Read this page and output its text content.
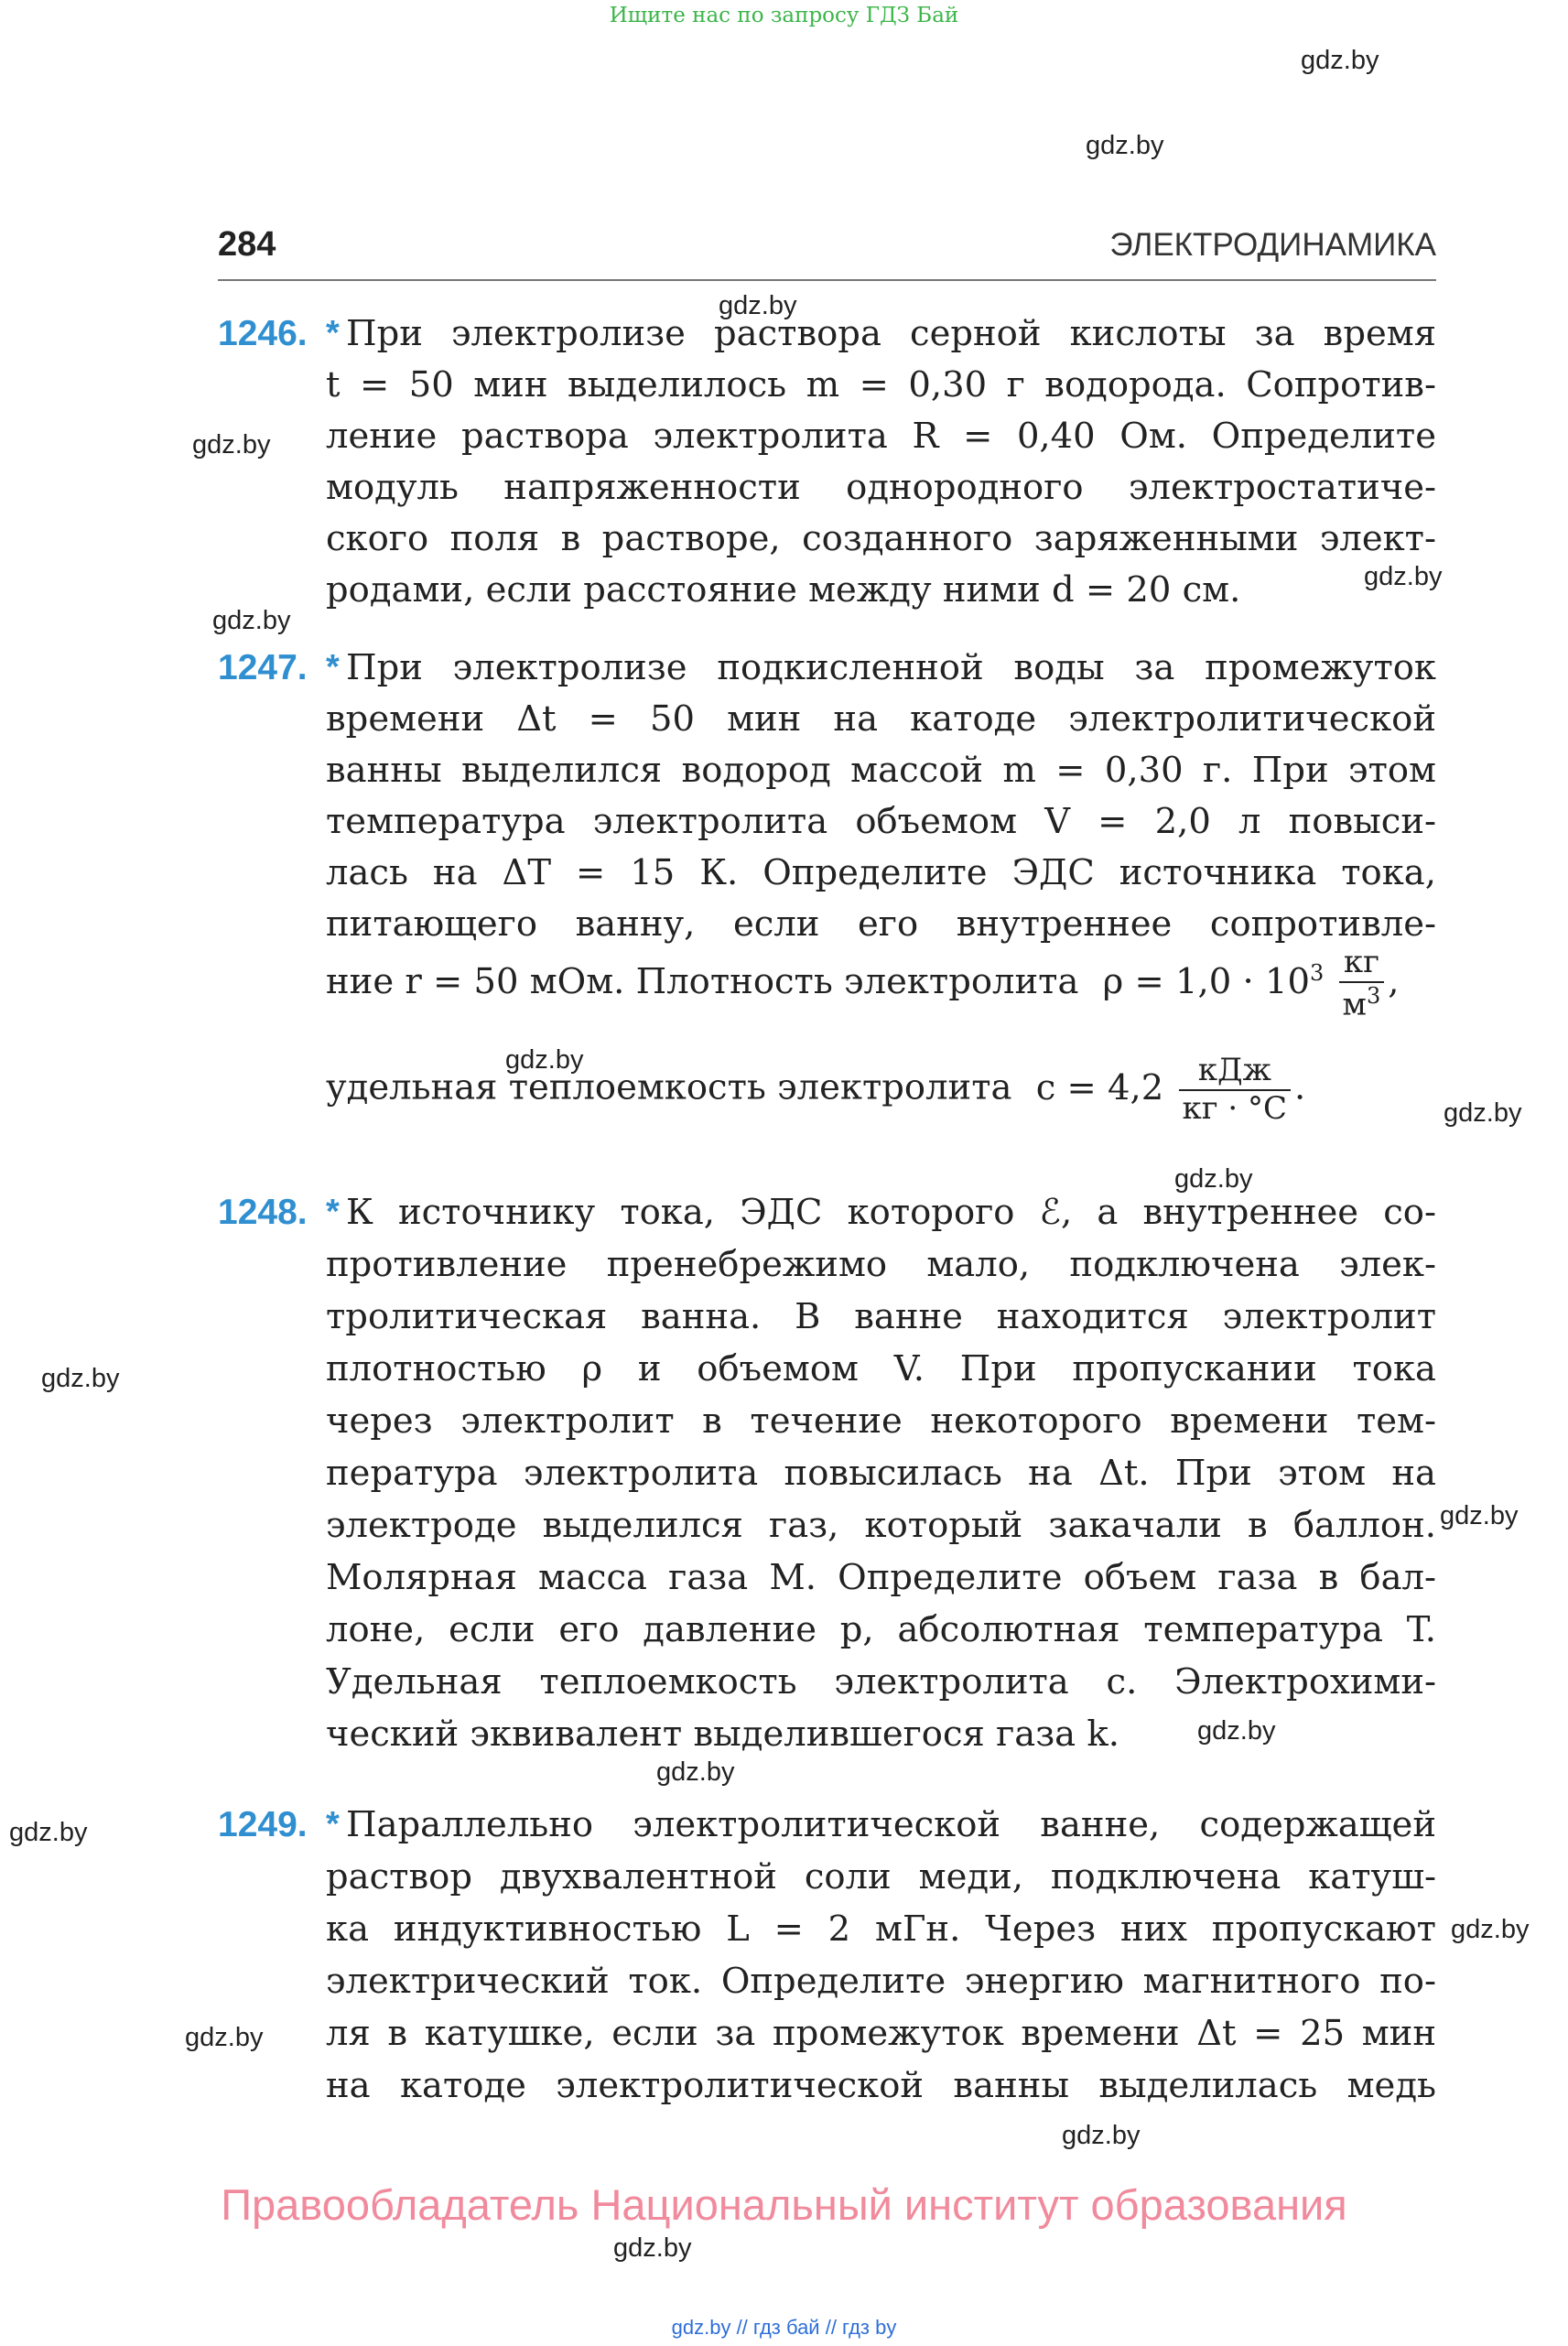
Ищите нас по запросу ГДЗ Бай
gdz.by
gdz.by
gdz.by
gdz.by
gdz.by
gdz.by
gdz.by
gdz.by
gdz.by
gdz.by
gdz.by
gdz.by
gdz.by
gdz.by
gdz.by
gdz.by
gdz.by
gdz.by
284	ЭЛЕКТРОДИНАМИКА
1246. * При электролизе раствора серной кислоты за время
t = 50 мин выделилось m = 0,30 г водорода. Сопротив-
ление раствора электролита R = 0,40 Ом. Определите
модуль напряженности однородного электростатиче-
ского поля в растворе, созданного заряженными элект-
родами, если расстояние между ними d = 20 см.
1247. * При электролизе подкисленной воды за промежуток
времени Δt = 50 мин на катоде электролитической
ванны выделился водород массой m = 0,30 г. При этом
температура электролита объемом V = 2,0 л повыси-
лась на ΔT = 15 К. Определите ЭДС источника тока,
питающего ванну, если его внутреннее сопротивле-
ние r = 50 мОм. Плотность электролита $\rho = 1,0 \cdot 10^3 \frac{кг}{м^3}$ ,
удельная теплоемкость электролита $c = 4,2 \frac{\text{кДж}}{кг \cdot ^\circ C}$ .
1248. * К источнику тока, ЭДС которого ℰ, а внутреннее со-
противление пренебрежимо мало, подключена элек-
тролитическая ванна. В ванне находится электролит
плотностью ρ и объемом V. При пропускании тока
через электролит в течение некоторого времени тем-
пература электролита повысилась на Δt. При этом на
электроде выделился газ, который закачали в баллон.
Молярная масса газа M. Определите объем газа в бал-
лоне, если его давление p, абсолютная температура T.
Удельная теплоемкость электролита c. Электрохими-
ческий эквивалент выделившегося газа k.
1249. * Параллельно электролитической ванне, содержащей
раствор двухвалентной соли меди, подключена катуш-
ка индуктивностью L = 2 мГн. Через них пропускают
электрический ток. Определите энергию магнитного по-
ля в катушке, если за промежуток времени Δt = 25 мин
на катоде электролитической ванны выделилась медь
Правообладатель Национальный институт образования
gdz.by // гдз бай // гдз by
